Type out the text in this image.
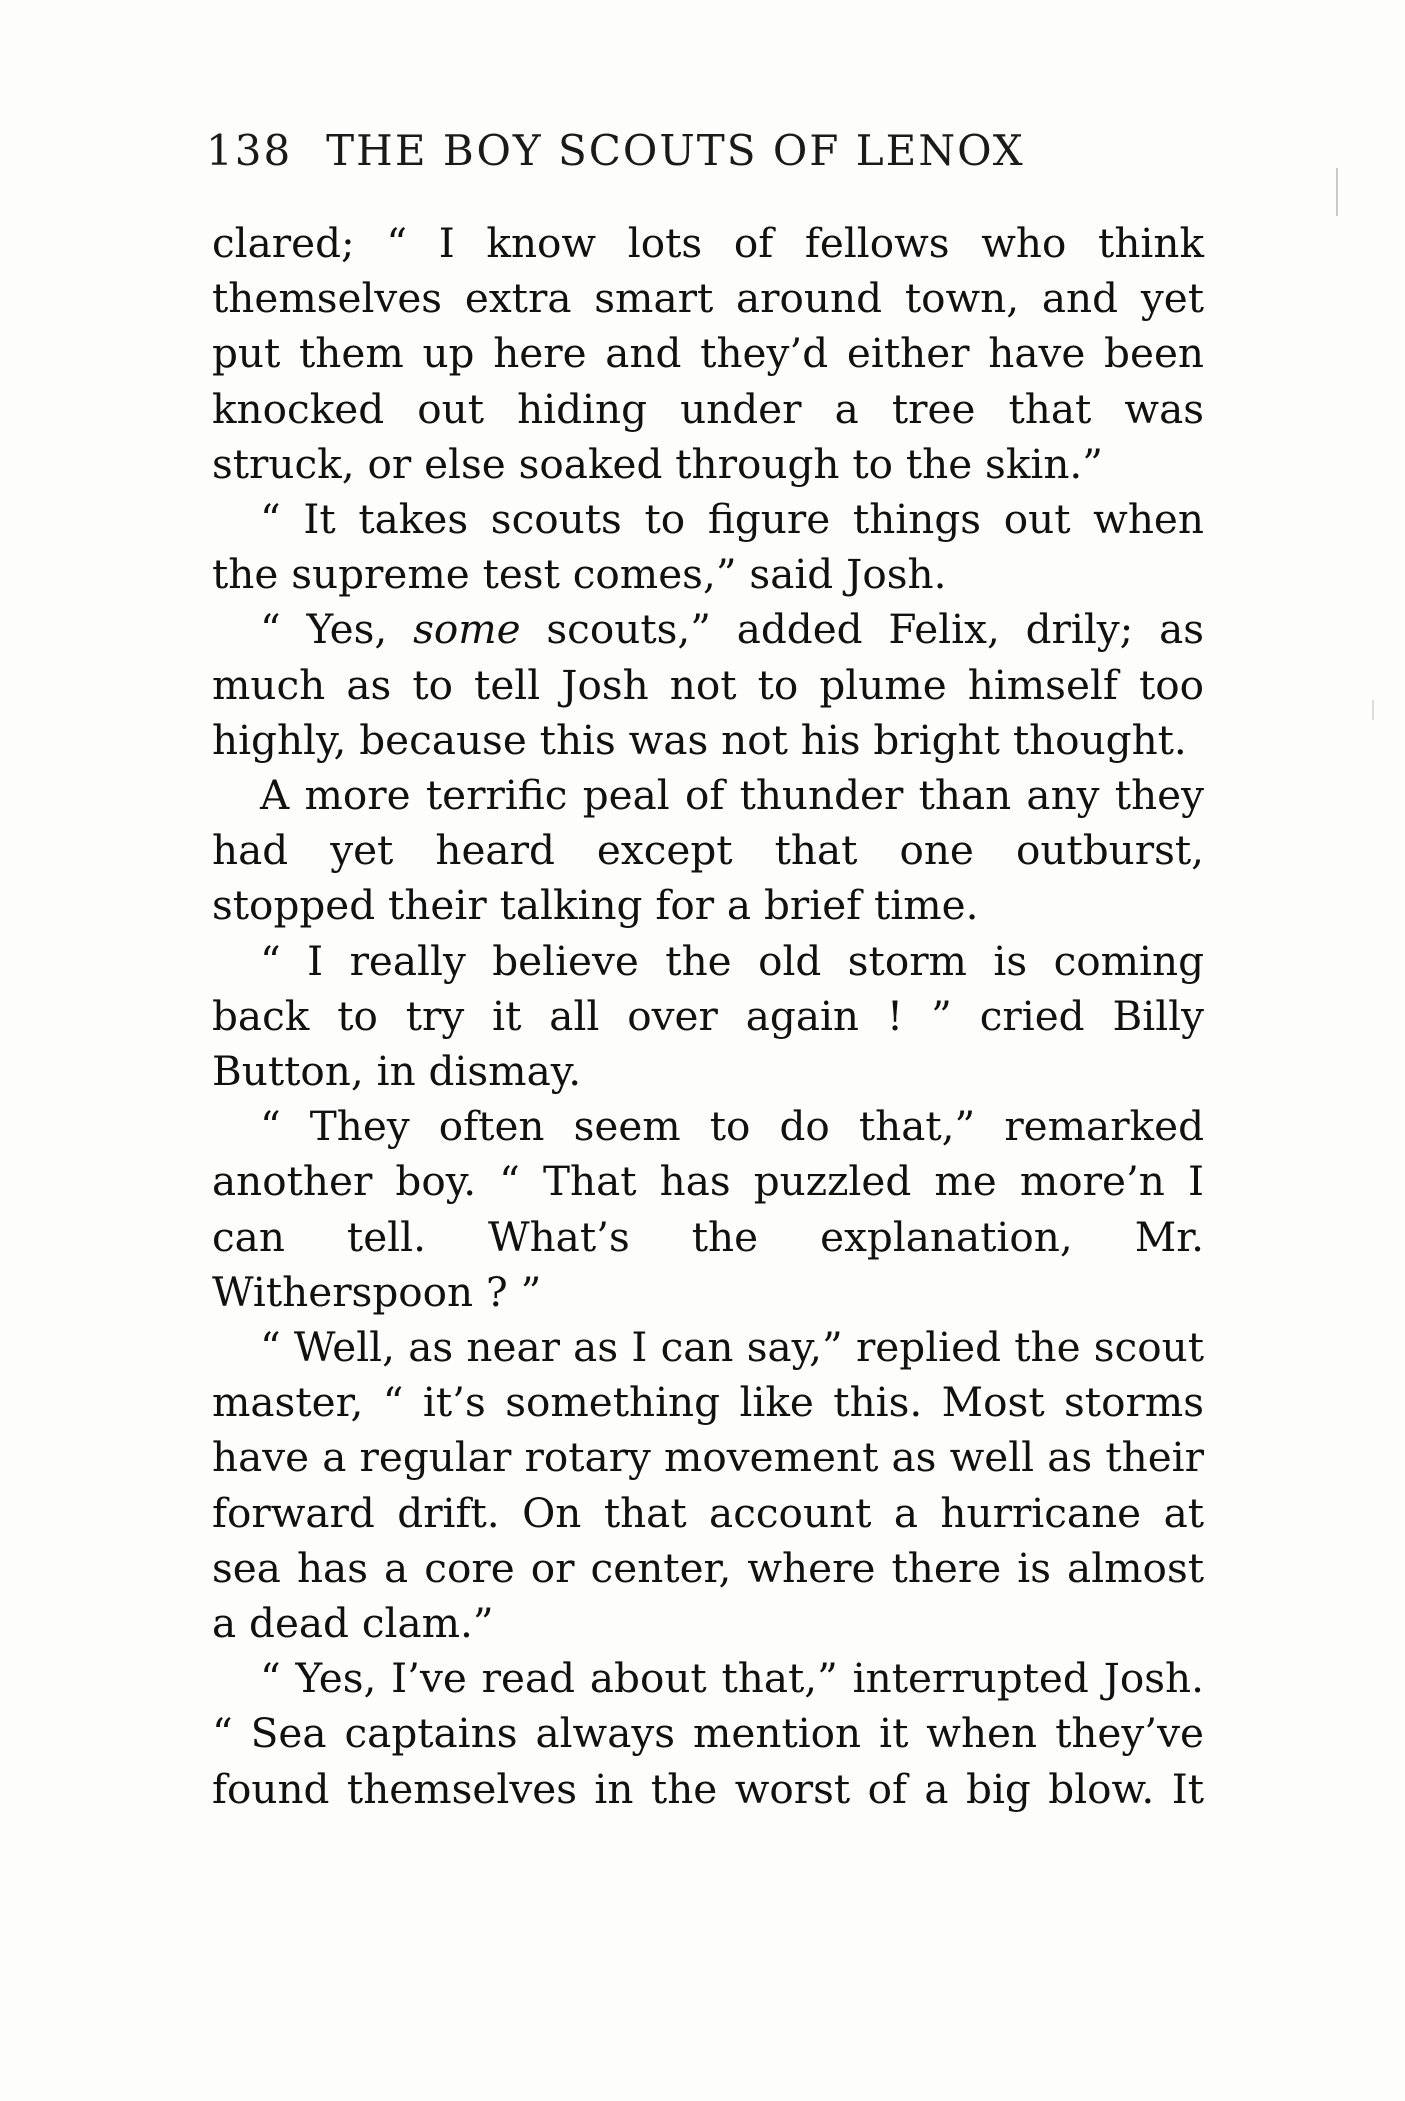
138 THE BOY SCOUTS OF LENOX

clared; “ I know lots of fellows who think themselves extra smart around town, and yet put them up here and they’d either have been knocked out hiding under a tree that was struck, or else soaked through to the skin.”

“ It takes scouts to figure things out when the supreme test comes,” said Josh.

“ Yes, some scouts,” added Felix, drily; as much as to tell Josh not to plume himself too highly, because this was not his bright thought.

A more terrific peal of thunder than any they had yet heard except that one outburst, stopped their talking for a brief time.

“ I really believe the old storm is coming back to try it all over again ! ” cried Billy Button, in dismay.

“ They often seem to do that,” remarked another boy. “ That has puzzled me more’n I can tell. What’s the explanation, Mr. Witherspoon ? ”

“ Well, as near as I can say,” replied the scout master, “ it’s something like this. Most storms have a regular rotary movement as well as their forward drift. On that account a hurricane at sea has a core or center, where there is almost a dead clam.”

“ Yes, I’ve read about that,” interrupted Josh. “ Sea captains always mention it when they’ve found themselves in the worst of a big blow. It
